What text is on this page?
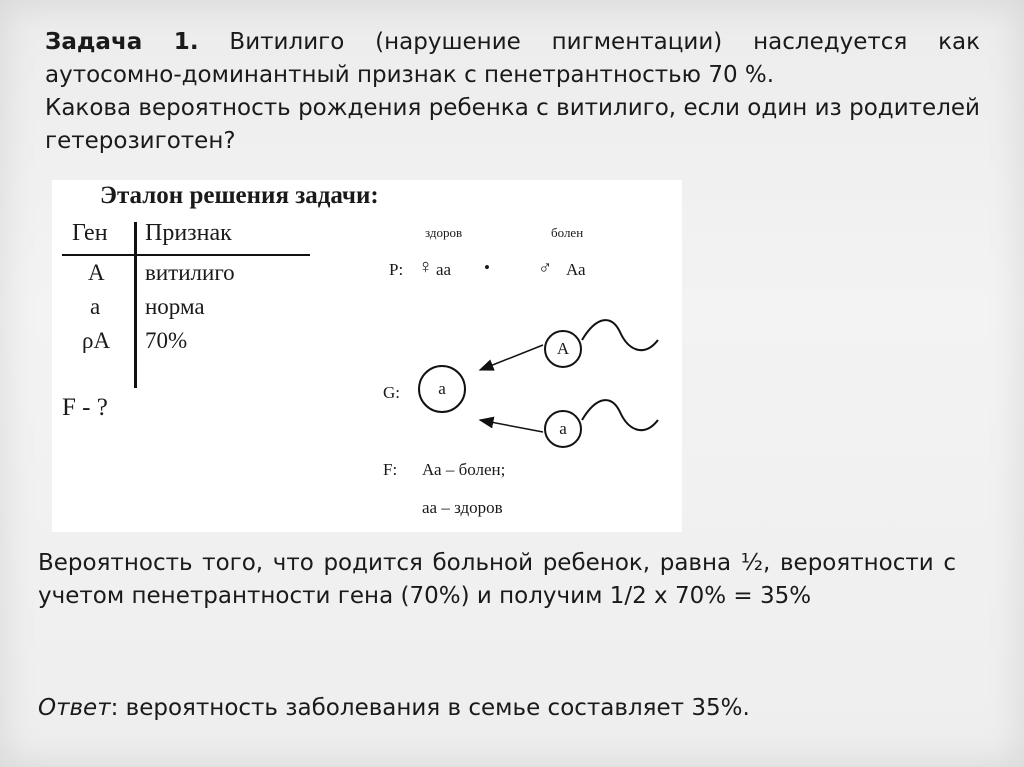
Задача 1. Витилиго (нарушение пигментации) наследуется как аутосомно-доминантный признак с пенетрантностью 70 %.

Какова вероятность рождения ребенка с витилиго, если один из родителей гетерозиготен?

Эталон решения задачи:
Ген Признак
A витилиго
a норма
ρA 70%
F - ?
здоров	болен
P: ♀ аа •	♂ Аа
G:	a
A
a
F: Аа – болен;
аа – здоров

Вероятность того, что родится больной ребенок, равна ½, вероятности с учетом пенетрантности гена (70%) и получим 1/2 х 70% = 35%

Ответ: вероятность заболевания в семье составляет 35%.
